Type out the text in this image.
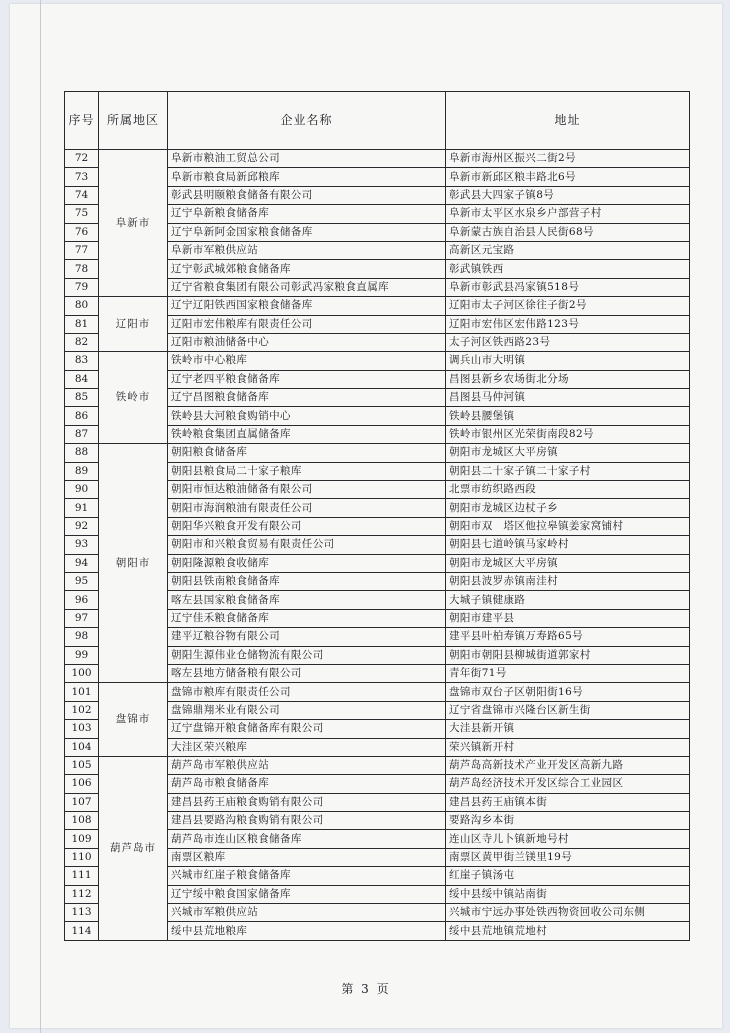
序号	所属地区	企业名称	地址
72	阜新市	阜新市粮油工贸总公司	阜新市海州区振兴二街2号
73		阜新市粮食局新邱粮库	阜新市新邱区粮丰路北6号
74		彰武县明颐粮食储备有限公司	彰武县大四家子镇8号
75		辽宁阜新粮食储备库	阜新市太平区水泉乡户部营子村
76		辽宁阜新阿金国家粮食储备库	阜新蒙古族自治县人民街68号
77		阜新市军粮供应站	高新区元宝路
78		辽宁彰武城郊粮食储备库	彰武镇铁西
79		辽宁省粮食集团有限公司彰武冯家粮食直属库	阜新市彰武县冯家镇518号
80	辽阳市	辽宁辽阳铁西国家粮食储备库	辽阳市太子河区徐往子街2号
81		辽阳市宏伟粮库有限责任公司	辽阳市宏伟区宏伟路123号
82		辽阳市粮油储备中心	太子河区铁西路23号
83	铁岭市	铁岭市中心粮库	调兵山市大明镇
84		辽宁老四平粮食储备库	昌图县新乡农场街北分场
85		辽宁昌图粮食储备库	昌图县马仲河镇
86		铁岭县大河粮食购销中心	铁岭县腰堡镇
87		铁岭粮食集团直属储备库	铁岭市银州区光荣街南段82号
88	朝阳市	朝阳粮食储备库	朝阳市龙城区大平房镇
89		朝阳县粮食局二十家子粮库	朝阳县二十家子镇二十家子村
90		朝阳市恒达粮油储备有限公司	北票市纺织路西段
91		朝阳市海润粮油有限责任公司	朝阳市龙城区边杖子乡
92		朝阳华兴粮食开发有限公司	朝阳市双　塔区他拉皋镇姜家窝铺村
93		朝阳市和兴粮食贸易有限责任公司	朝阳县七道岭镇马家岭村
94		朝阳隆源粮食收储库	朝阳市龙城区大平房镇
95		朝阳县铁南粮食储备库	朝阳县波罗赤镇南洼村
96		喀左县国家粮食储备库	大城子镇健康路
97		辽宁佳禾粮食储备库	朝阳市建平县
98		建平辽粮谷物有限公司	建平县叶柏寿镇万寿路65号
99		朝阳生源伟业仓储物流有限公司	朝阳市朝阳县柳城街道郭家村
100		喀左县地方储备粮有限公司	青年街71号
101	盘锦市	盘锦市粮库有限责任公司	盘锦市双台子区朝阳街16号
102		盘锦鼎翔米业有限公司	辽宁省盘锦市兴隆台区新生街
103		辽宁盘锦开粮食储备库有限公司	大洼县新开镇
104		大洼区荣兴粮库	荣兴镇新开村
105	葫芦岛市	葫芦岛市军粮供应站	葫芦岛高新技术产业开发区高新九路
106		葫芦岛市粮食储备库	葫芦岛经济技术开发区综合工业园区
107		建昌县药王庙粮食购销有限公司	建昌县药王庙镇本街
108		建昌县要路沟粮食购销有限公司	要路沟乡本街
109		葫芦岛市连山区粮食储备库	连山区寺儿卜镇新地号村
110		南票区粮库	南票区黄甲街兰镁里19号
111		兴城市红崖子粮食储备库	红崖子镇汤屯
112		辽宁绥中粮食国家储备库	绥中县绥中镇站南街
113		兴城市军粮供应站	兴城市宁远办事处铁西物资回收公司东侧
114		绥中县荒地粮库	绥中县荒地镇荒地村
第 3 页
